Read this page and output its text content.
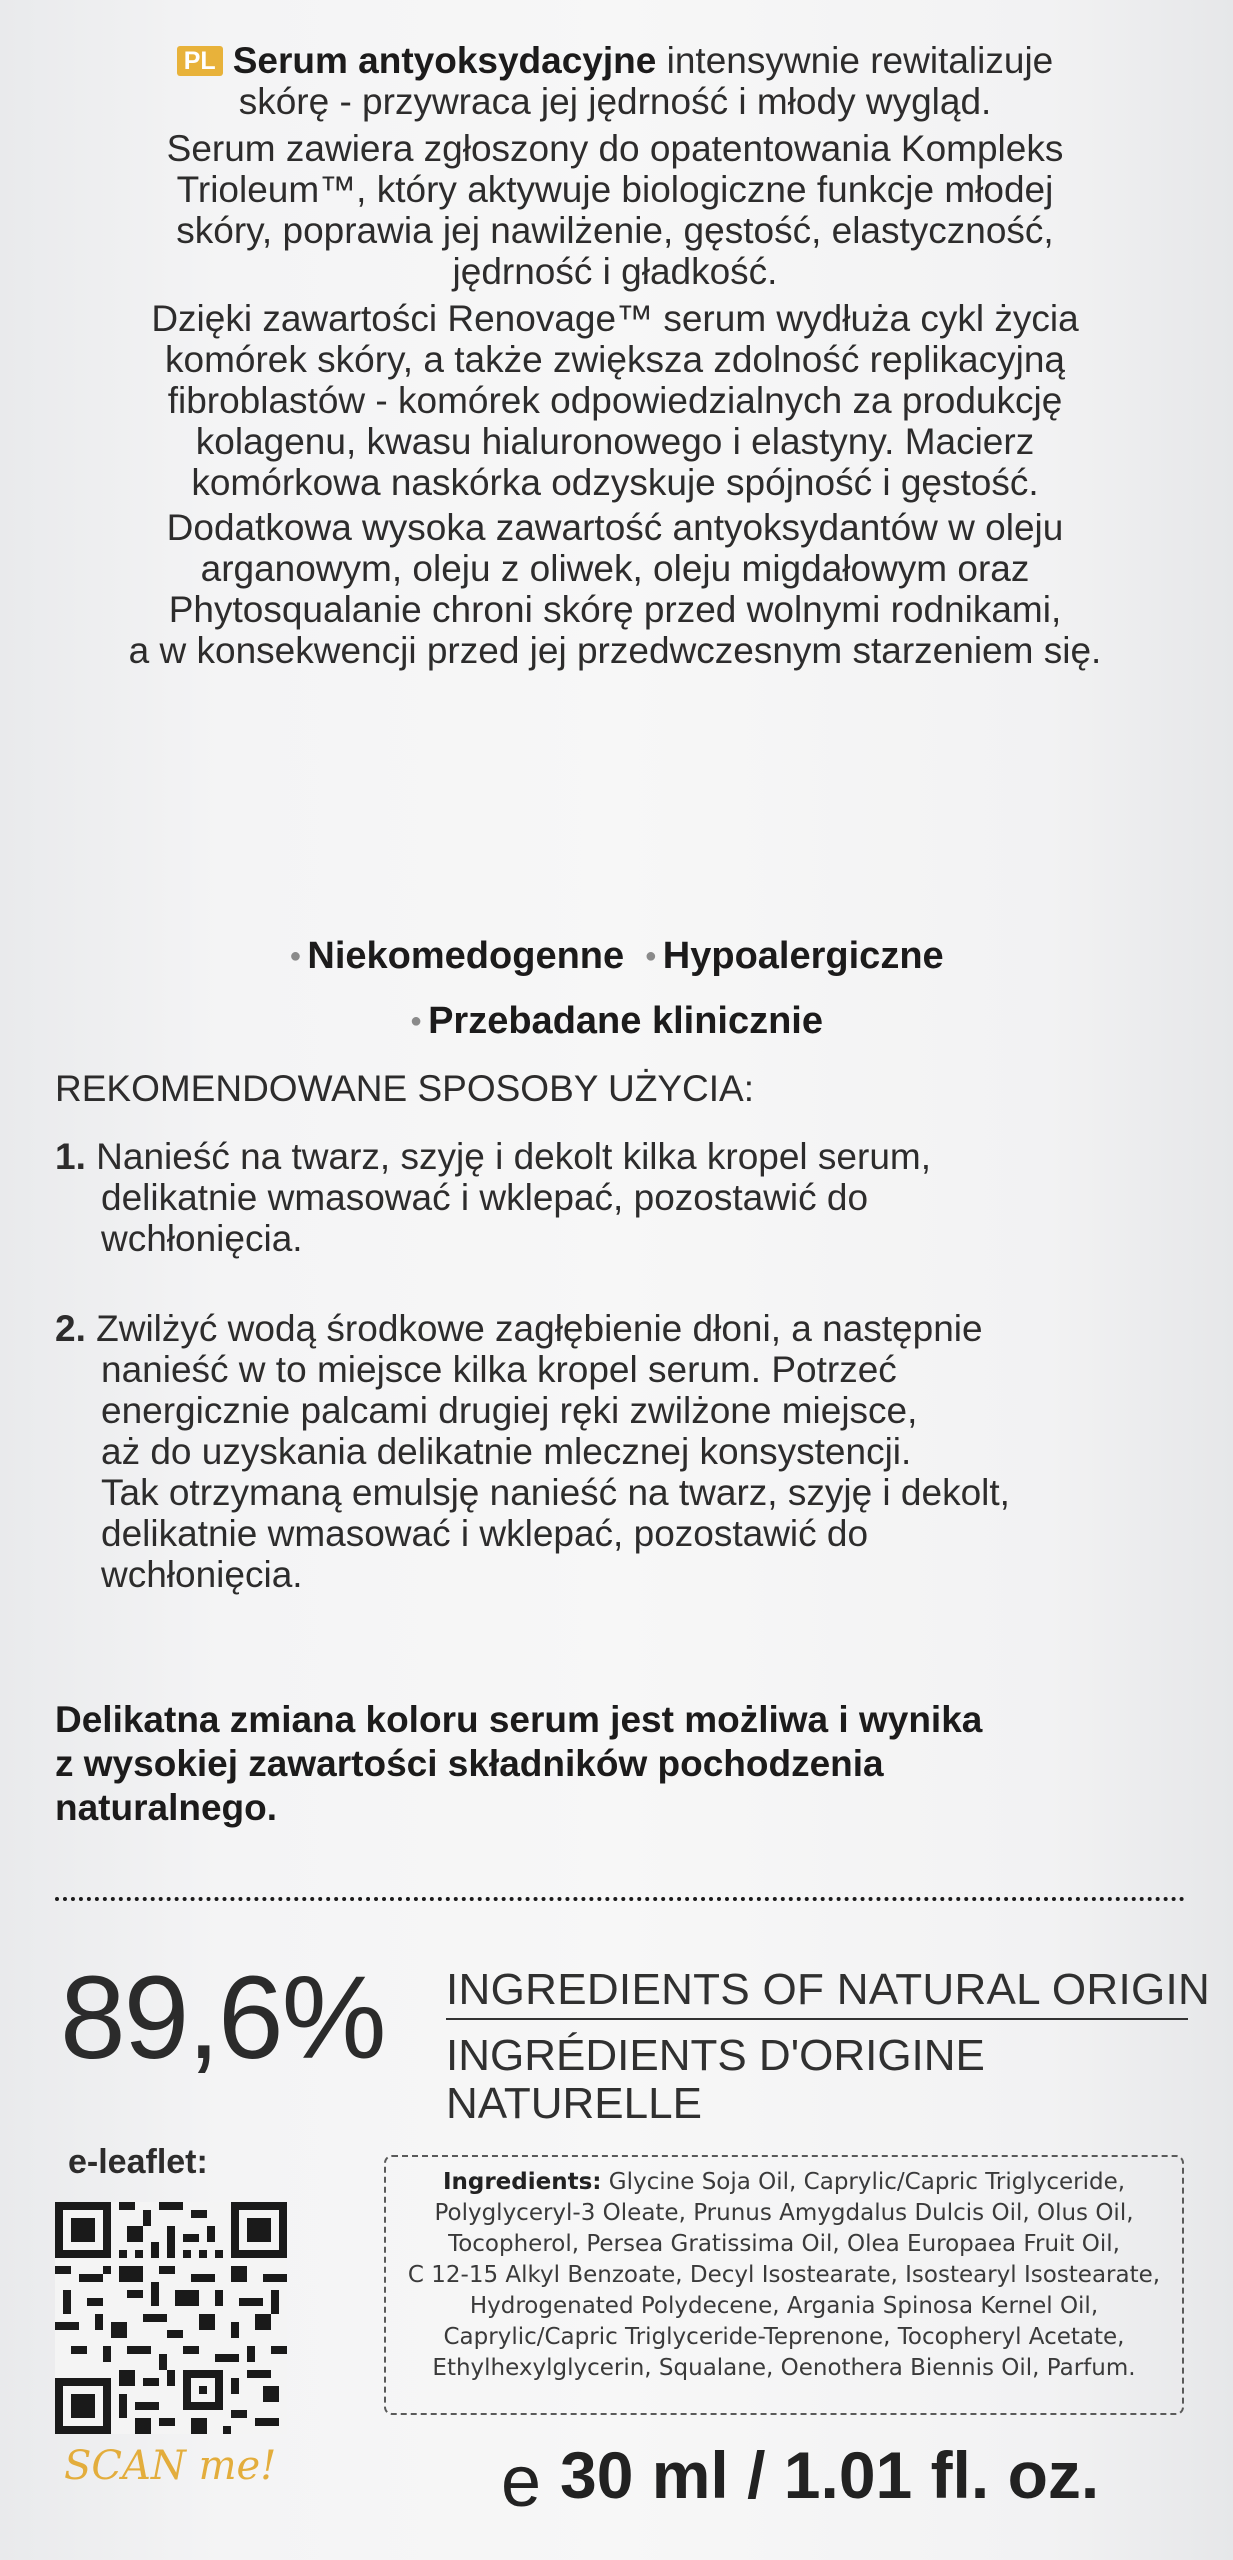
PL Serum antyoksydacyjne intensywnie rewitalizuje
skórę - przywraca jej jędrność i młody wygląd.

Serum zawiera zgłoszony do opatentowania Kompleks
Trioleum™, który aktywuje biologiczne funkcje młodej
skóry, poprawia jej nawilżenie, gęstość, elastyczność,
jędrność i gładkość.

Dzięki zawartości Renovage™ serum wydłuża cykl życia
komórek skóry, a także zwiększa zdolność replikacyjną
fibroblastów - komórek odpowiedzialnych za produkcję
kolagenu, kwasu hialuronowego i elastyny. Macierz
komórkowa naskórka odzyskuje spójność i gęstość.

Dodatkowa wysoka zawartość antyoksydantów w oleju
arganowym, oleju z oliwek, oleju migdałowym oraz
Phytosqualanie chroni skórę przed wolnymi rodnikami,
a w konsekwencji przed jej przedwczesnym starzeniem się.

● Niekomedogenne ● Hypoalergiczne

● Przebadane klinicznie

REKOMENDOWANE SPOSOBY UŻYCIA:

1. Nanieść na twarz, szyję i dekolt kilka kropel serum,
delikatnie wmasować i wklepać, pozostawić do
wchłonięcia.

2. Zwilżyć wodą środkowe zagłębienie dłoni, a następnie
nanieść w to miejsce kilka kropel serum. Potrzeć
energicznie palcami drugiej ręki zwilżone miejsce,
aż do uzyskania delikatnie mlecznej konsystencji.
Tak otrzymaną emulsję nanieść na twarz, szyję i dekolt,
delikatnie wmasować i wklepać, pozostawić do
wchłonięcia.

Delikatna zmiana koloru serum jest możliwa i wynika
z wysokiej zawartości składników pochodzenia
naturalnego.

89,6% INGREDIENTS OF NATURAL ORIGIN
INGRÉDIENTS D'ORIGINE NATURELLE
e-leaflet:
SCAN me!
Ingredients: Glycine Soja Oil, Caprylic/Capric Triglyceride,
Polyglyceryl-3 Oleate, Prunus Amygdalus Dulcis Oil, Olus Oil,
Tocopherol, Persea Gratissima Oil, Olea Europaea Fruit Oil,
C 12-15 Alkyl Benzoate, Decyl Isostearate, Isostearyl Isostearate,
Hydrogenated Polydecene, Argania Spinosa Kernel Oil,
Caprylic/Capric Triglyceride-Teprenone, Tocopheryl Acetate,
Ethylhexylglycerin, Squalane, Oenothera Biennis Oil, Parfum.
e 30 ml / 1.01 fl. oz.
